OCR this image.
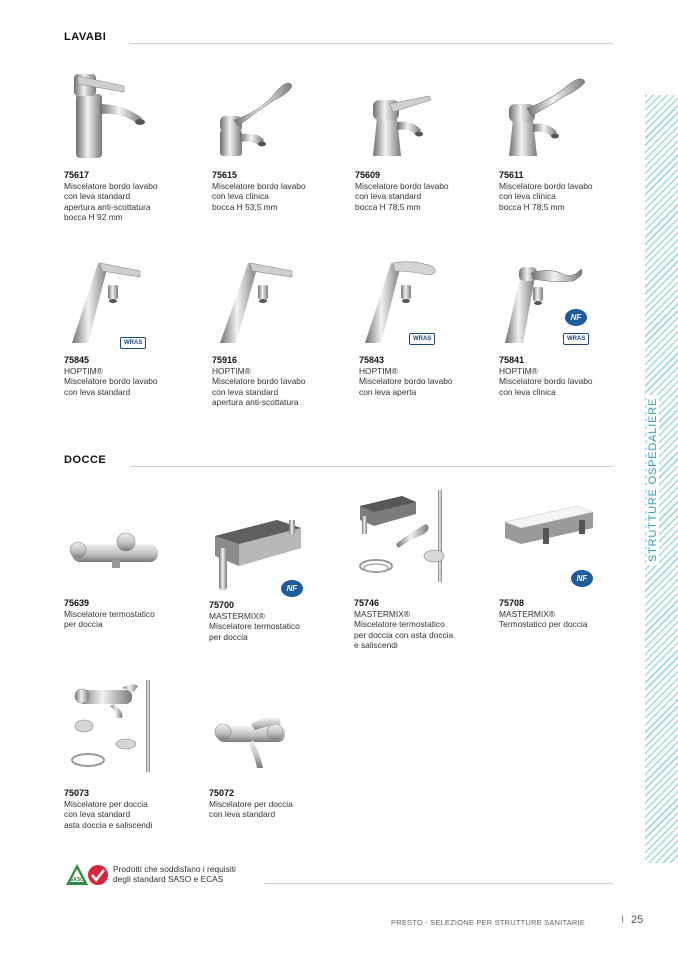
LAVABI
75617
Miscelatore bordo lavabo
con leva standard
apertura anti-scottatura
bocca H 92 mm
75615
Miscelatore bordo lavabo
con leva clinica
bocca H 53,5 mm
75609
Miscelatore bordo lavabo
con leva standard
bocca H 78,5 mm
75611
Miscelatore bordo lavabo
con leva clinica
bocca H 78,5 mm
WRAS
75845
HOPTIM®
Miscelatore bordo lavabo
con leva standard
75916
HOPTIM®
Miscelatore bordo lavabo
con leva standard
apertura anti-scottatura
WRAS
75843
HOPTIM®
Miscelatore bordo lavabo
con leva aperta
NF
WRAS
75841
HOPTIM®
Miscelatore bordo lavabo
con leva clinica
DOCCE
75639
Miscelatore termostatico
per doccia
NF
75700
MASTERMIX®
Miscelatore termostatico
per doccia
75746
MASTERMIX®
Miscelatore termostatico
per doccia con asta doccia
e saliscendi
NF
75708
MASTERMIX®
Termostatico per doccia
75073
Miscelatore per doccia
con leva standard
asta doccia e saliscendi
75072
Miscelatore per doccia
con leva standard
STRUTTURE OSPEDALIERE
SASO
Prodotti che soddisfano i requisiti
degli standard SASO e ECAS
PRESTO - SELEZIONE PER STRUTTURE SANITARIE	I 25
